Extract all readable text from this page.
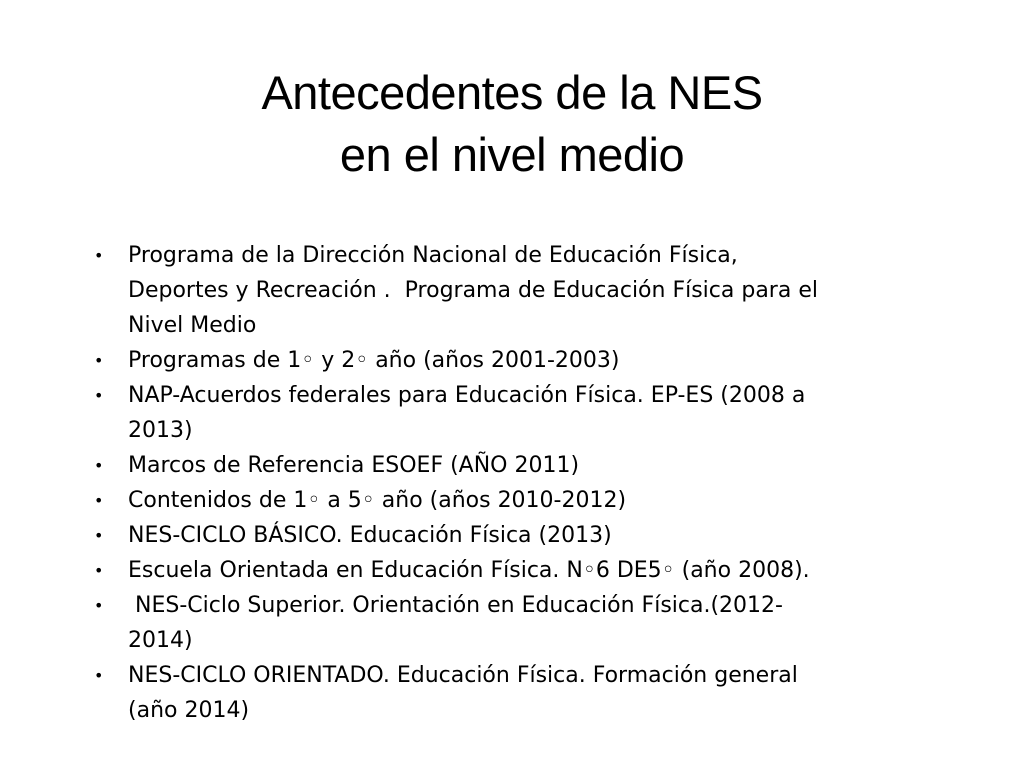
Antecedentes de la NES
en el nivel medio
• Programa de la Dirección Nacional de Educación Física,
Deportes y Recreación .  Programa de Educación Física para el
Nivel Medio
• Programas de 1◦ y 2◦ año (años 2001-2003)
• NAP-Acuerdos federales para Educación Física. EP-ES (2008 a
2013)
• Marcos de Referencia ESOEF (AÑO 2011)
• Contenidos de 1◦ a 5◦ año (años 2010-2012)
• NES-CICLO BÁSICO. Educación Física (2013)
• Escuela Orientada en Educación Física. N◦6 DE5◦ (año 2008).
•	NES-Ciclo Superior. Orientación en Educación Física.(2012-
2014)
• NES-CICLO ORIENTADO. Educación Física. Formación general
(año 2014)
